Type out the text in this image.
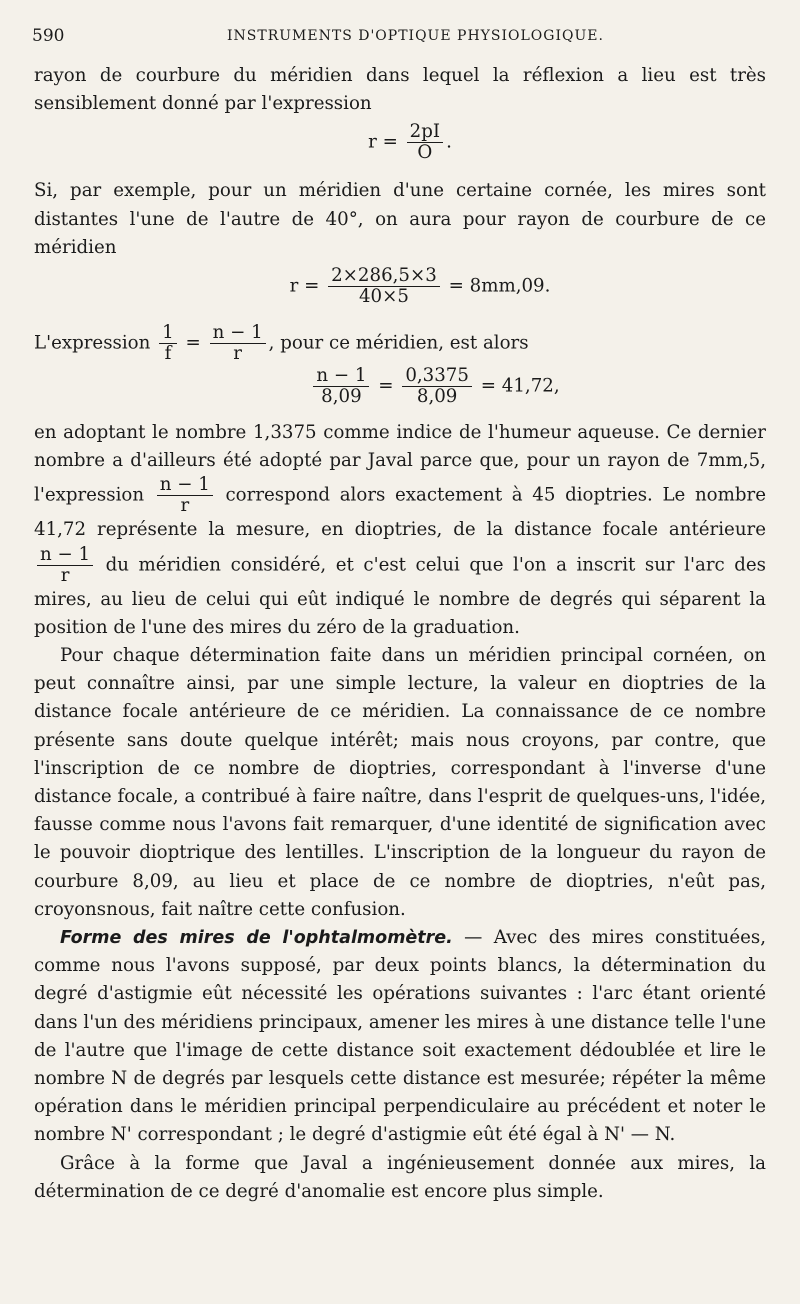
590	INSTRUMENTS D'OPTIQUE PHYSIOLOGIQUE.

rayon de courbure du méridien dans lequel la réflexion a lieu est très sensiblement donné par l'expression

$r = \frac{2pI}{O}$ .

Si, par exemple, pour un méridien d'une certaine cornée, les mires sont distantes l'une de l'autre de 40°, on aura pour rayon de courbure de ce méridien

$r = \frac{2\times 286,5\times 3}{40\times 5} = 8mm,09$.

L'expression $\frac{1}{f} = \frac{n - 1}{r}$ , pour ce méridien, est alors

$\frac{n - 1}{8,09} = \frac{0,3375}{8,09} = 41,72$,

en adoptant le nombre 1,3375 comme indice de l'humeur aqueuse. Ce dernier nombre a d'ailleurs été adopté par Javal parce que, pour un rayon de 7mm,5, l'expression $\frac{n - 1}{r}$ correspond alors exactement à 45 dioptries. Le nombre 41,72 représente la mesure, en dioptries, de la distance focale antérieure
$\frac{n - 1}{r}$ du méridien considéré, et c'est celui que l'on a inscrit sur l'arc des mires, au lieu de celui qui eût indiqué le nombre de degrés qui séparent la position de l'une des mires du zéro de la graduation.

Pour chaque détermination faite dans un méridien principal cornéen, on peut connaître ainsi, par une simple lecture, la valeur en dioptries de la distance focale antérieure de ce méridien. La connaissance de ce nombre présente sans doute quelque intérêt; mais nous croyons, par contre, que l'inscription de ce nombre de dioptries, correspondant à l'inverse d'une distance focale, a contribué à faire naître, dans l'esprit de quelques-uns, l'idée, fausse comme nous l'avons fait remarquer, d'une identité de signification avec le pouvoir dioptrique des lentilles. L'inscription de la longueur du rayon de courbure 8,09, au lieu et place de ce nombre de dioptries, n'eût pas, croyonsnous, fait naître cette confusion.

Forme des mires de l'ophtalmomètre. — Avec des mires constituées, comme nous l'avons supposé, par deux points blancs, la détermination du degré d'astigmie eût nécessité les opérations suivantes : l'arc étant orienté dans l'un des méridiens principaux, amener les mires à une distance telle l'une de l'autre que l'image de cette distance soit exactement dédoublée et lire le nombre N de degrés par lesquels cette distance est mesurée; répéter la même opération dans le méridien principal perpendiculaire au précédent et noter le nombre N' correspondant ; le degré d'astigmie eût été égal à N' — N.

Grâce à la forme que Javal a ingénieusement donnée aux mires, la détermination de ce degré d'anomalie est encore plus simple.
